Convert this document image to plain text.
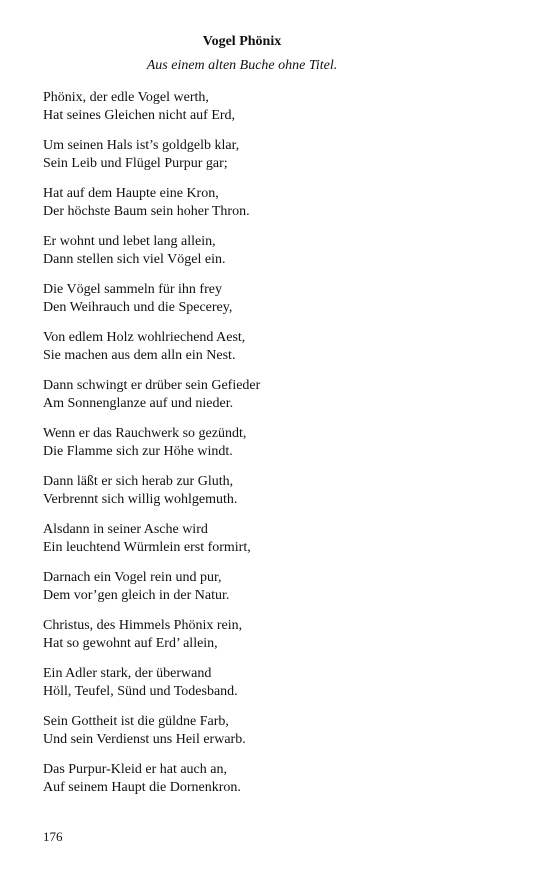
Vogel Phönix

Aus einem alten Buche ohne Titel.

Phönix, der edle Vogel werth,
Hat seines Gleichen nicht auf Erd,
Um seinen Hals ist’s goldgelb klar,
Sein Leib und Flügel Purpur gar;
Hat auf dem Haupte eine Kron,
Der höchste Baum sein hoher Thron.
Er wohnt und lebet lang allein,
Dann stellen sich viel Vögel ein.
Die Vögel sammeln für ihn frey
Den Weihrauch und die Specerey,
Von edlem Holz wohlriechend Aest,
Sie machen aus dem alln ein Nest.
Dann schwingt er drüber sein Gefieder
Am Sonnenglanze auf und nieder.
Wenn er das Rauchwerk so gezündt,
Die Flamme sich zur Höhe windt.
Dann läßt er sich herab zur Gluth,
Verbrennt sich willig wohlgemuth.
Alsdann in seiner Asche wird
Ein leuchtend Würmlein erst formirt,
Darnach ein Vogel rein und pur,
Dem vor’gen gleich in der Natur.
Christus, des Himmels Phönix rein,
Hat so gewohnt auf Erd’ allein,
Ein Adler stark, der überwand
Höll, Teufel, Sünd und Todesband.
Sein Gottheit ist die güldne Farb,
Und sein Verdienst uns Heil erwarb.
Das Purpur-Kleid er hat auch an,
Auf seinem Haupt die Dornenkron.
176
